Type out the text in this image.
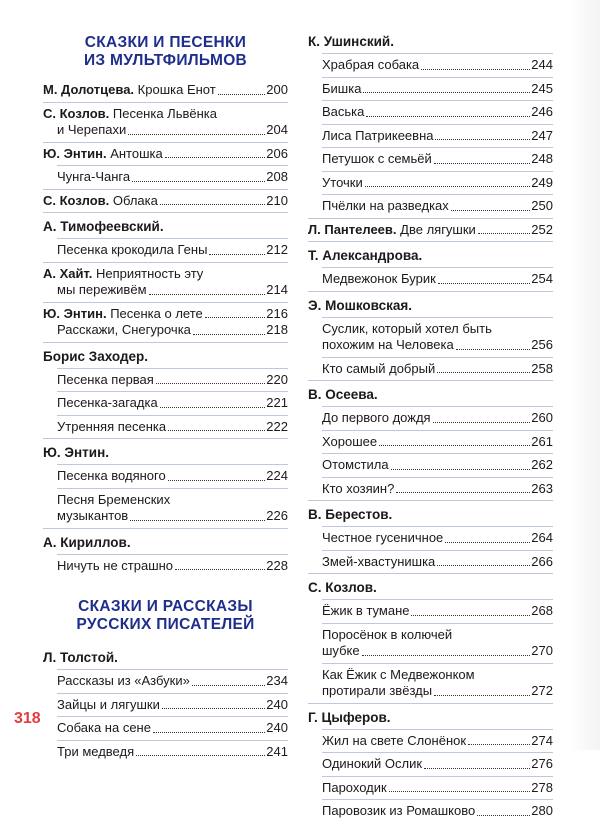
СКАЗКИ И ПЕСЕНКИ
ИЗ МУЛЬТФИЛЬМОВ
М. Долотцева. Крошка Енот	200
С. Козлов. Песенка Львёнка
и Черепахи	204
Ю. Энтин. Антошка	206
Чунга-Чанга	208
С. Козлов. Облака	210
А. Тимофеевский.
Песенка крокодила Гены	212
А. Хайт. Неприятность эту
мы переживём	214
Ю. Энтин. Песенка о лете	216
Расскажи, Снегурочка	218
Борис Заходер.
Песенка первая	220
Песенка-загадка	221
Утренняя песенка	222
Ю. Энтин.
Песенка водяного	224
Песня Бременских
музыкантов	226
А. Кириллов.
Ничуть не страшно	228
СКАЗКИ И РАССКАЗЫ
РУССКИХ ПИСАТЕЛЕЙ
Л. Толстой.
Рассказы из «Азбуки»	234
Зайцы и лягушки	240
Собака на сене	240
Три медведя	241
К. Ушинский.
Храбрая собака	244
Бишка	245
Васька	246
Лиса Патрикеевна	247
Петушок с семьёй	248
Уточки	249
Пчёлки на разведках	250
Л. Пантелеев. Две лягушки	252
Т. Александрова.
Медвежонок Бурик	254
Э. Мошковская.
Суслик, который хотел быть
похожим на Человека	256
Кто самый добрый	258
В. Осеева.
До первого дождя	260
Хорошее	261
Отомстила	262
Кто хозяин?	263
В. Берестов.
Честное гусеничное	264
Змей-хвастунишка	266
С. Козлов.
Ёжик в тумане	268
Поросёнок в колючей
шубке	270
Как Ёжик с Медвежонком
протирали звёзды	272
Г. Цыферов.
Жил на свете Слонёнок	274
Одинокий Ослик	276
Пароходик	278
Паровозик из Ромашково	280
318
